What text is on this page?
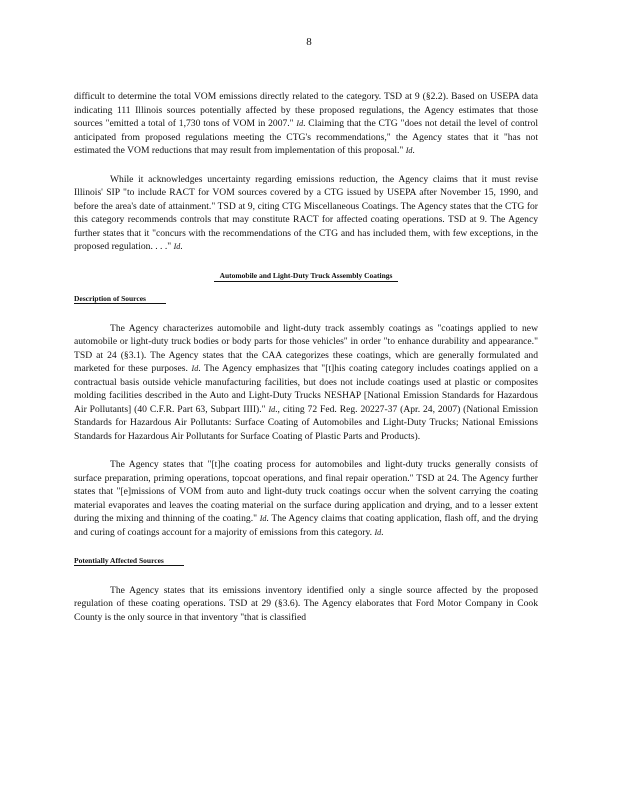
8

difficult to determine the total VOM emissions directly related to the category. TSD at 9 (§2.2). Based on USEPA data indicating 111 Illinois sources potentially affected by these proposed regulations, the Agency estimates that those sources "emitted a total of 1,730 tons of VOM in 2007." Id. Claiming that the CTG "does not detail the level of control anticipated from proposed regulations meeting the CTG's recommendations," the Agency states that it "has not estimated the VOM reductions that may result from implementation of this proposal." Id.

While it acknowledges uncertainty regarding emissions reduction, the Agency claims that it must revise Illinois' SIP "to include RACT for VOM sources covered by a CTG issued by USEPA after November 15, 1990, and before the area's date of attainment." TSD at 9, citing CTG Miscellaneous Coatings. The Agency states that the CTG for this category recommends controls that may constitute RACT for affected coating operations. TSD at 9. The Agency further states that it "concurs with the recommendations of the CTG and has included them, with few exceptions, in the proposed regulation. . . ." Id.

Automobile and Light-Duty Truck Assembly Coatings
Description of Sources

The Agency characterizes automobile and light-duty track assembly coatings as "coatings applied to new automobile or light-duty truck bodies or body parts for those vehicles" in order "to enhance durability and appearance." TSD at 24 (§3.1). The Agency states that the CAA categorizes these coatings, which are generally formulated and marketed for these purposes. Id. The Agency emphasizes that "[t]his coating category includes coatings applied on a contractual basis outside vehicle manufacturing facilities, but does not include coatings used at plastic or composites molding facilities described in the Auto and Light-Duty Trucks NESHAP [National Emission Standards for Hazardous Air Pollutants] (40 C.F.R. Part 63, Subpart IIII)." Id., citing 72 Fed. Reg. 20227-37 (Apr. 24, 2007) (National Emission Standards for Hazardous Air Pollutants: Surface Coating of Automobiles and Light-Duty Trucks; National Emissions Standards for Hazardous Air Pollutants for Surface Coating of Plastic Parts and Products).

The Agency states that "[t]he coating process for automobiles and light-duty trucks generally consists of surface preparation, priming operations, topcoat operations, and final repair operation." TSD at 24. The Agency further states that "[e]missions of VOM from auto and light-duty truck coatings occur when the solvent carrying the coating material evaporates and leaves the coating material on the surface during application and drying, and to a lesser extent during the mixing and thinning of the coating." Id. The Agency claims that coating application, flash off, and the drying and curing of coatings account for a majority of emissions from this category. Id.

Potentially Affected Sources

The Agency states that its emissions inventory identified only a single source affected by the proposed regulation of these coating operations. TSD at 29 (§3.6). The Agency elaborates that Ford Motor Company in Cook County is the only source in that inventory "that is classified
